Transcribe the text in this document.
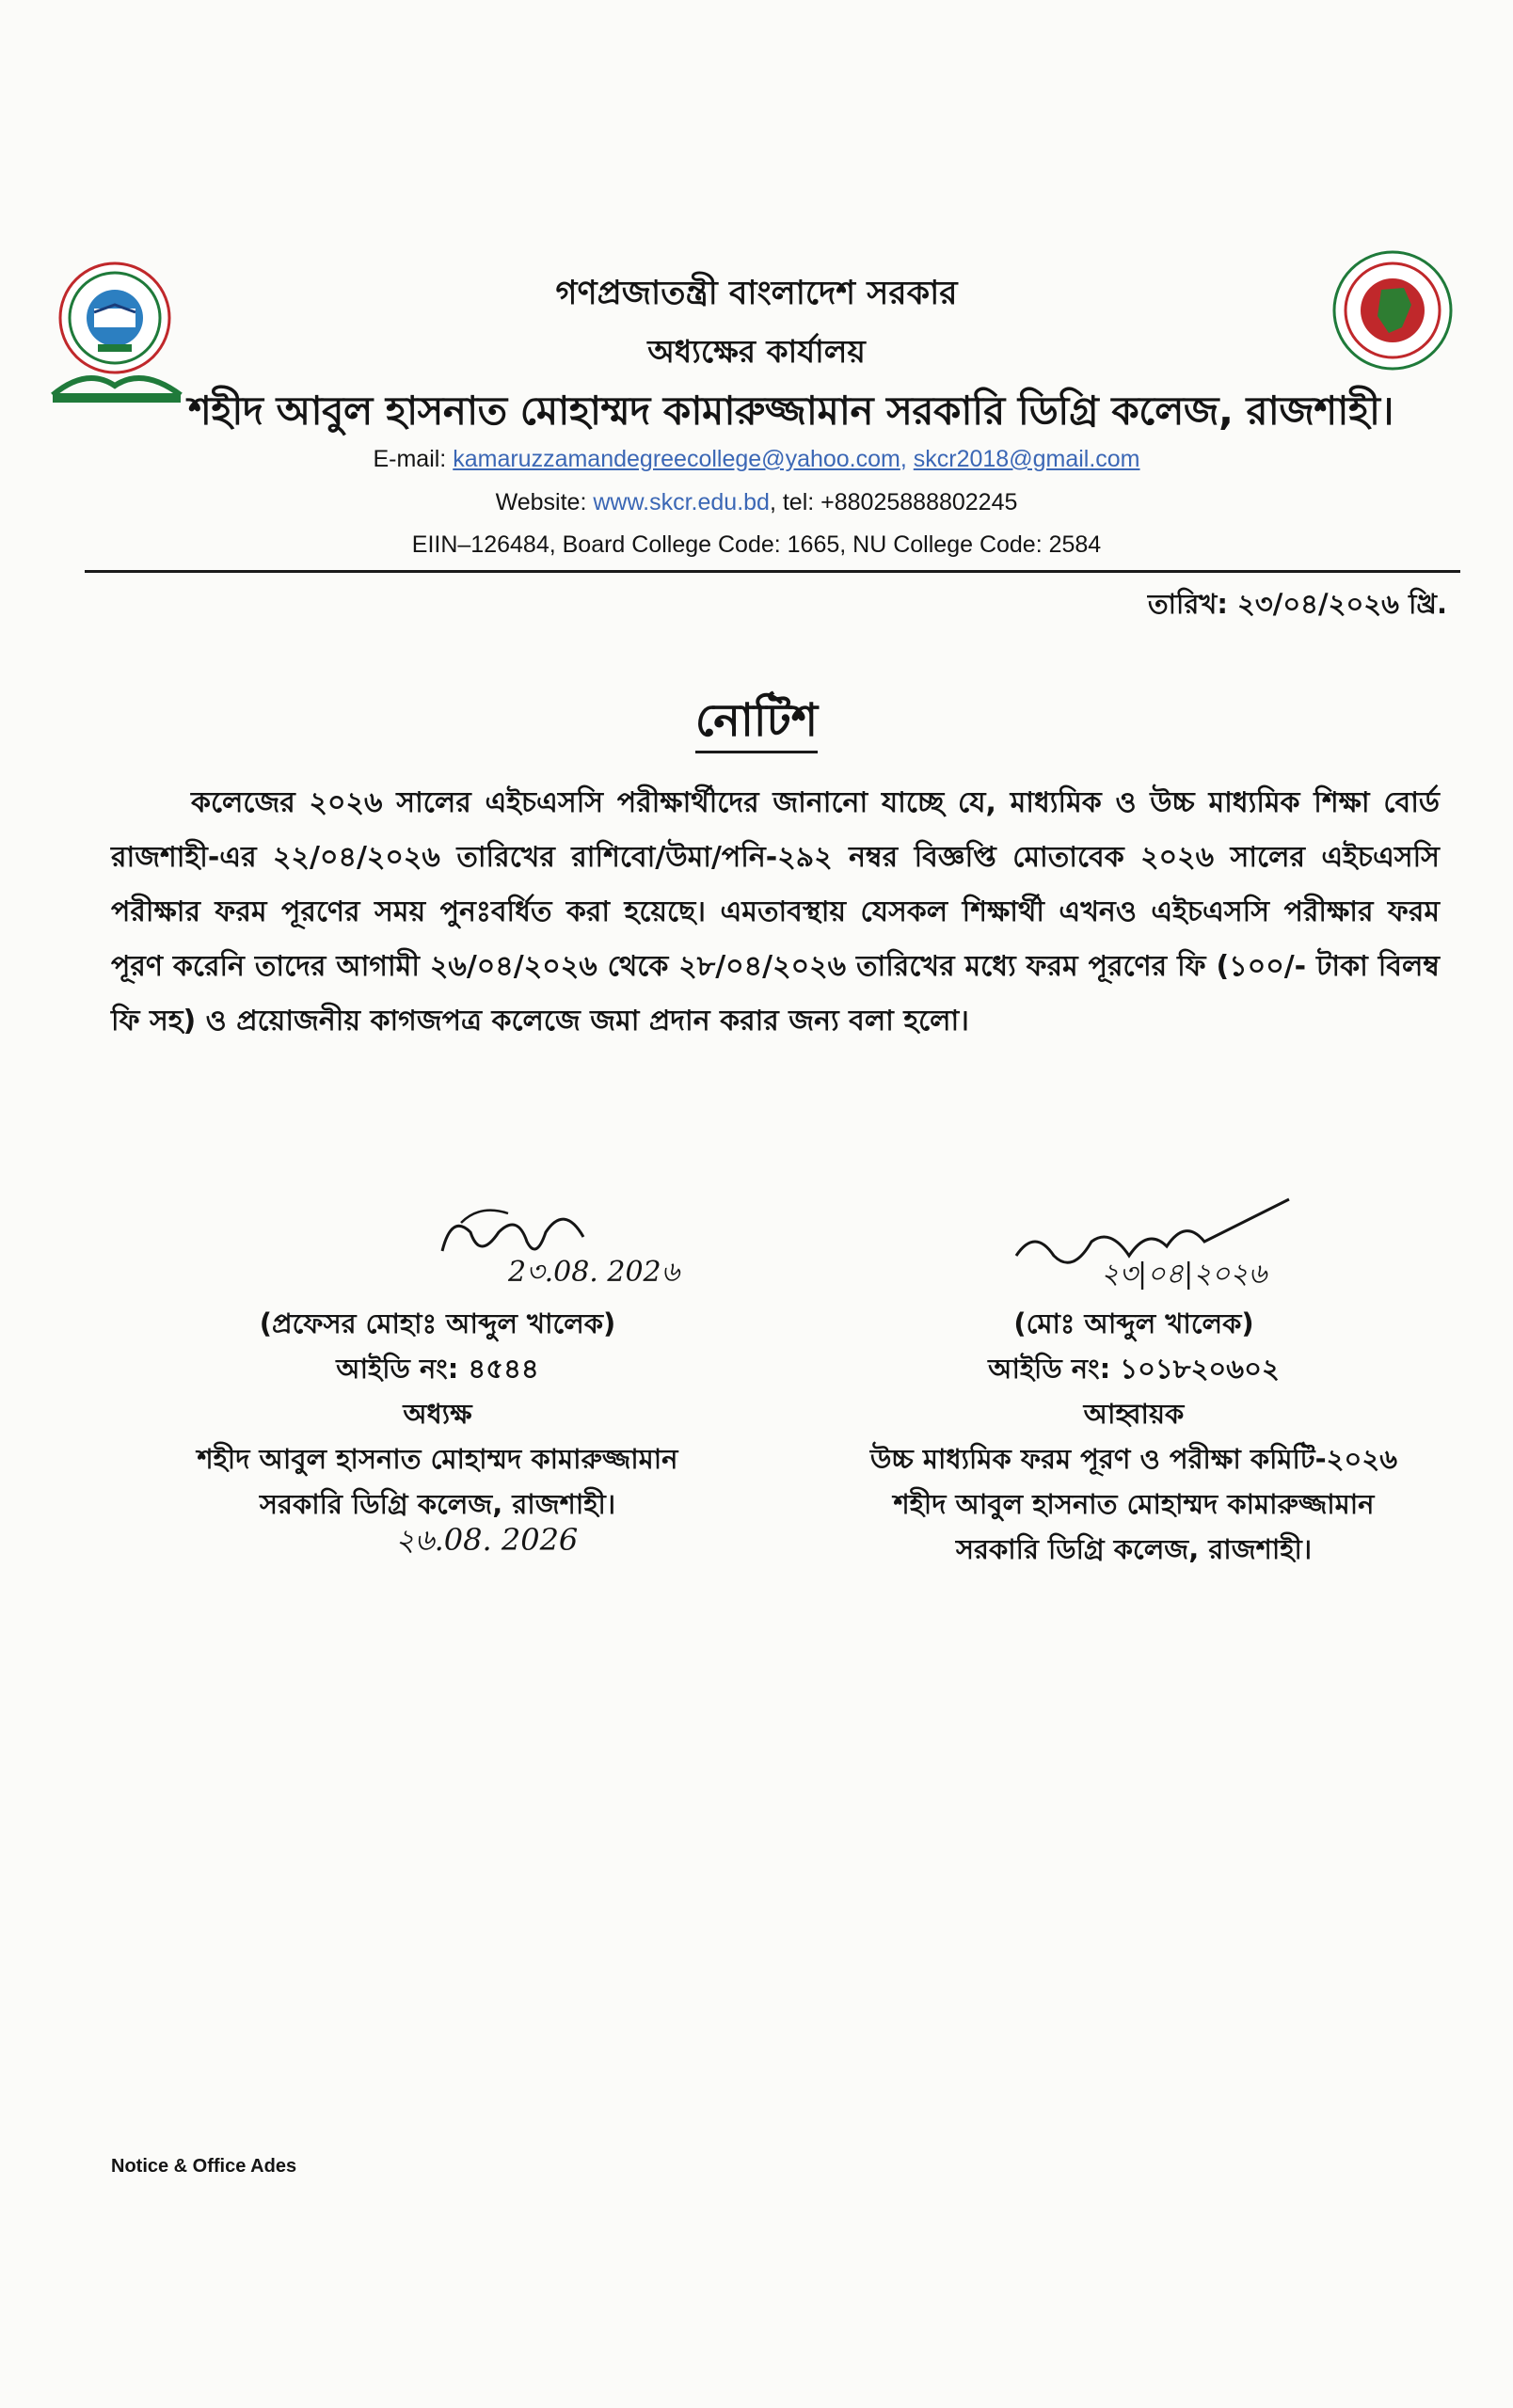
গণপ্রজাতন্ত্রী বাংলাদেশ সরকার
অধ্যক্ষের কার্যালয়
শহীদ আবুল হাসনাত মোহাম্মদ কামারুজ্জামান সরকারি ডিগ্রি কলেজ, রাজশাহী।
E-mail: kamaruzzamandegreecollege@yahoo.com, skcr2018@gmail.com
Website: www.skcr.edu.bd, tel: +88025888802245
EIIN–126484, Board College Code: 1665, NU College Code: 2584
তারিখ: ২৩/০৪/২০২৬ খ্রি.
নোটিশ
কলেজের ২০২৬ সালের এইচএসসি পরীক্ষার্থীদের জানানো যাচ্ছে যে, মাধ্যমিক ও উচ্চ মাধ্যমিক শিক্ষা বোর্ড রাজশাহী-এর ২২/০৪/২০২৬ তারিখের রাশিবো/উমা/পনি-২৯২ নম্বর বিজ্ঞপ্তি মোতাবেক ২০২৬ সালের এইচএসসি পরীক্ষার ফরম পূরণের সময় পুনঃবর্ধিত করা হয়েছে। এমতাবস্থায় যেসকল শিক্ষার্থী এখনও এইচএসসি পরীক্ষার ফরম পূরণ করেনি তাদের আগামী ২৬/০৪/২০২৬ থেকে ২৮/০৪/২০২৬ তারিখের মধ্যে ফরম পূরণের ফি (১০০/- টাকা বিলম্ব ফি সহ) ও প্রয়োজনীয় কাগজপত্র কলেজে জমা প্রদান করার জন্য বলা হলো।
2৩.08. 202৬
(প্রফেসর মোহাঃ আব্দুল খালেক)
আইডি নং: ৪৫৪৪
অধ্যক্ষ
শহীদ আবুল হাসনাত মোহাম্মদ কামারুজ্জামান
সরকারি ডিগ্রি কলেজ, রাজশাহী।
২৬.08. 2026
২৩|০৪|২০২৬
(মোঃ আব্দুল খালেক)
আইডি নং: ১০১৮২০৬০২
আহ্বায়ক
উচ্চ মাধ্যমিক ফরম পূরণ ও পরীক্ষা কমিটি-২০২৬
শহীদ আবুল হাসনাত মোহাম্মদ কামারুজ্জামান
সরকারি ডিগ্রি কলেজ, রাজশাহী।
Notice & Office Ades
